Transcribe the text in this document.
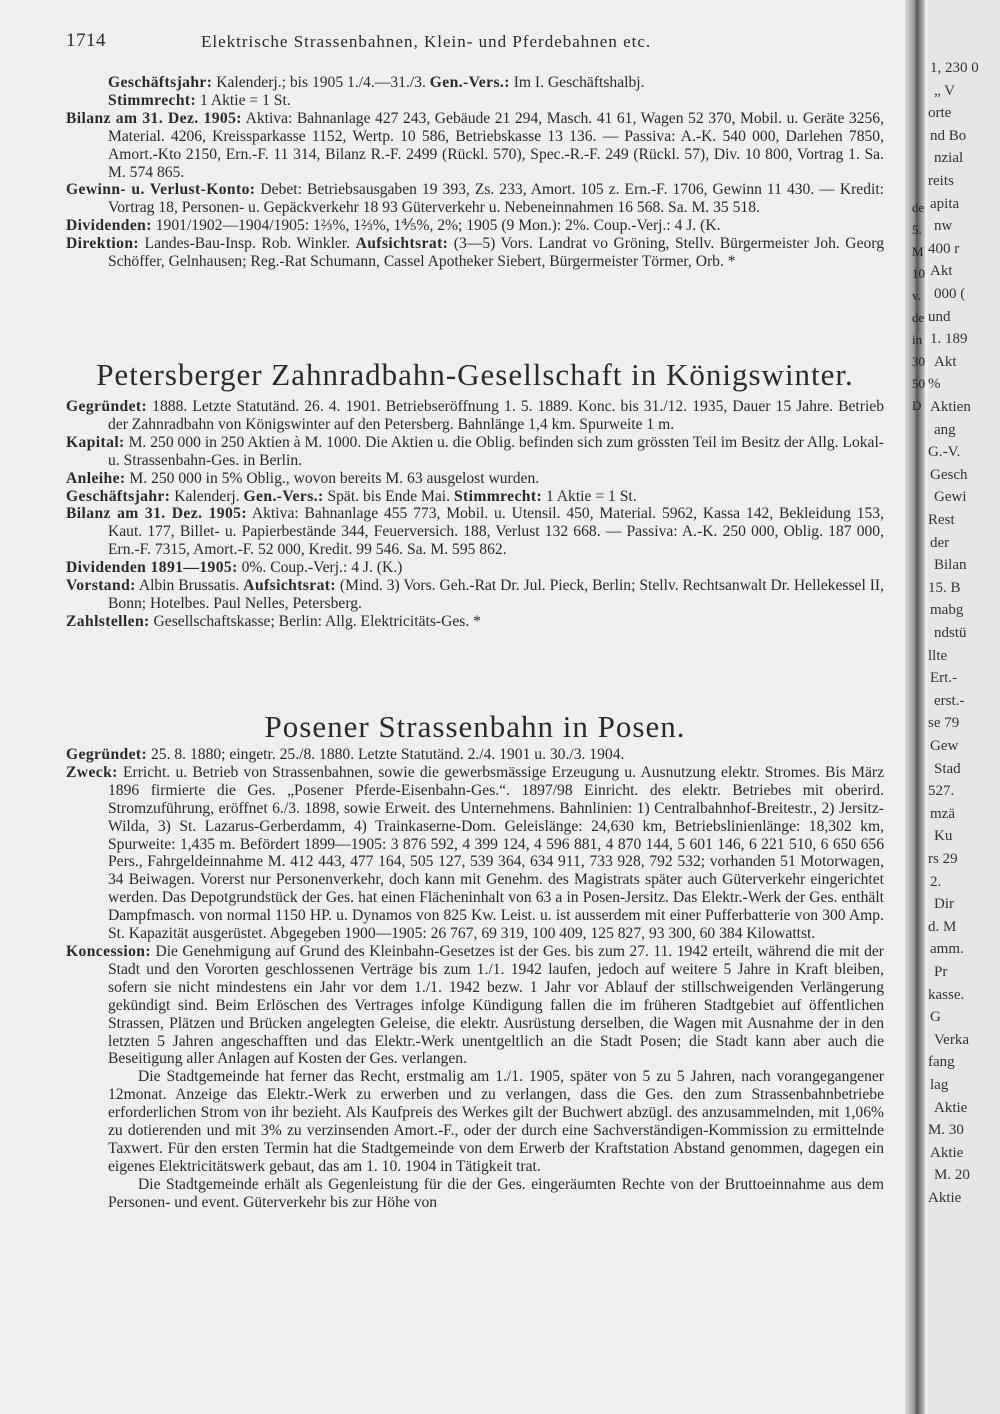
1714	Elektrische Strassenbahnen, Klein- und Pferdebahnen etc.

Geschäftsjahr: Kalenderj.; bis 1905 1./4.—31./3. Gen.-Vers.: Im I. Geschäftshalbj.

Stimmrecht: 1 Aktie = 1 St.

Bilanz am 31. Dez. 1905: Aktiva: Bahnanlage 427 243, Gebäude 21 294, Masch. 41 61, Wagen 52 370, Mobil. u. Geräte 3256, Material. 4206, Kreissparkasse 1152, Wertp. 10 586, Betriebskasse 13 136. — Passiva: A.-K. 540 000, Darlehen 7850, Amort.-Kto 2150, Ern.-F. 11 314, Bilanz R.-F. 2499 (Rückl. 570), Spec.-R.-F. 249 (Rückl. 57), Div. 10 800, Vortrag 1. Sa. M. 574 865.

Gewinn- u. Verlust-Konto: Debet: Betriebsausgaben 19 393, Zs. 233, Amort. 105 z. Ern.-F. 1706, Gewinn 11 430. — Kredit: Vortrag 18, Personen- u. Gepäckverkehr 18 93 Güterverkehr u. Nebeneinnahmen 16 568. Sa. M. 35 518.

Dividenden: 1901/1902—1904/1905: 1⅔%, 1⅔%, 1⅘%, 2%; 1905 (9 Mon.): 2%. Coup.-Verj.: 4 J. (K.

Direktion: Landes-Bau-Insp. Rob. Winkler. Aufsichtsrat: (3—5) Vors. Landrat vo Gröning, Stellv. Bürgermeister Joh. Georg Schöffer, Gelnhausen; Reg.-Rat Schumann, Cassel Apotheker Siebert, Bürgermeister Törmer, Orb. *

Petersberger Zahnradbahn-Gesellschaft in Königswinter.

Gegründet: 1888. Letzte Statutänd. 26. 4. 1901. Betriebseröffnung 1. 5. 1889. Konc. bis 31./12. 1935, Dauer 15 Jahre. Betrieb der Zahnradbahn von Königswinter auf den Petersberg. Bahnlänge 1,4 km. Spurweite 1 m.

Kapital: M. 250 000 in 250 Aktien à M. 1000. Die Aktien u. die Oblig. befinden sich zum grössten Teil im Besitz der Allg. Lokal- u. Strassenbahn-Ges. in Berlin.

Anleihe: M. 250 000 in 5% Oblig., wovon bereits M. 63 ausgelost wurden.

Geschäftsjahr: Kalenderj. Gen.-Vers.: Spät. bis Ende Mai. Stimmrecht: 1 Aktie = 1 St.

Bilanz am 31. Dez. 1905: Aktiva: Bahnanlage 455 773, Mobil. u. Utensil. 450, Material. 5962, Kassa 142, Bekleidung 153, Kaut. 177, Billet- u. Papierbestände 344, Feuerversich. 188, Verlust 132 668. — Passiva: A.-K. 250 000, Oblig. 187 000, Ern.-F. 7315, Amort.-F. 52 000, Kredit. 99 546. Sa. M. 595 862.

Dividenden 1891—1905: 0%. Coup.-Verj.: 4 J. (K.)

Vorstand: Albin Brussatis. Aufsichtsrat: (Mind. 3) Vors. Geh.-Rat Dr. Jul. Pieck, Berlin; Stellv. Rechtsanwalt Dr. Hellekessel II, Bonn; Hotelbes. Paul Nelles, Petersberg.

Zahlstellen: Gesellschaftskasse; Berlin: Allg. Elektricitäts-Ges. *

Posener Strassenbahn in Posen.

Gegründet: 25. 8. 1880; eingetr. 25./8. 1880. Letzte Statutänd. 2./4. 1901 u. 30./3. 1904.

Zweck: Erricht. u. Betrieb von Strassenbahnen, sowie die gewerbsmässige Erzeugung u. Ausnutzung elektr. Stromes. Bis März 1896 firmierte die Ges. „Posener Pferde-Eisenbahn-Ges.“. 1897/98 Einricht. des elektr. Betriebes mit oberird. Stromzuführung, eröffnet 6./3. 1898, sowie Erweit. des Unternehmens. Bahnlinien: 1) Centralbahnhof-Breitestr., 2) Jersitz-Wilda, 3) St. Lazarus-Gerberdamm, 4) Trainkaserne-Dom. Geleislänge: 24,630 km, Betriebslinienlänge: 18,302 km, Spurweite: 1,435 m. Befördert 1899—1905: 3 876 592, 4 399 124, 4 596 881, 4 870 144, 5 601 146, 6 221 510, 6 650 656 Pers., Fahrgeldeinnahme M. 412 443, 477 164, 505 127, 539 364, 634 911, 733 928, 792 532; vorhanden 51 Motorwagen, 34 Beiwagen. Vorerst nur Personenverkehr, doch kann mit Genehm. des Magistrats später auch Güterverkehr eingerichtet werden. Das Depotgrundstück der Ges. hat einen Flächeninhalt von 63 a in Posen-Jersitz. Das Elektr.-Werk der Ges. enthält Dampfmasch. von normal 1150 HP. u. Dynamos von 825 Kw. Leist. u. ist ausserdem mit einer Pufferbatterie von 300 Amp. St. Kapazität ausgerüstet. Abgegeben 1900—1905: 26 767, 69 319, 100 409, 125 827, 93 300, 60 384 Kilowattst.

Koncession: Die Genehmigung auf Grund des Kleinbahn-Gesetzes ist der Ges. bis zum 27. 11. 1942 erteilt, während die mit der Stadt und den Vororten geschlossenen Verträge bis zum 1./1. 1942 laufen, jedoch auf weitere 5 Jahre in Kraft bleiben, sofern sie nicht mindestens ein Jahr vor dem 1./1. 1942 bezw. 1 Jahr vor Ablauf der stillschweigenden Verlängerung gekündigt sind. Beim Erlöschen des Vertrages infolge Kündigung fallen die im früheren Stadtgebiet auf öffentlichen Strassen, Plätzen und Brücken angelegten Geleise, die elektr. Ausrüstung derselben, die Wagen mit Ausnahme der in den letzten 5 Jahren angeschafften und das Elektr.-Werk unentgeltlich an die Stadt Posen; die Stadt kann aber auch die Beseitigung aller Anlagen auf Kosten der Ges. verlangen.

Die Stadtgemeinde hat ferner das Recht, erstmalig am 1./1. 1905, später von 5 zu 5 Jahren, nach vorangegangener 12monat. Anzeige das Elektr.-Werk zu erwerben und zu verlangen, dass die Ges. den zum Strassenbahnbetriebe erforderlichen Strom von ihr bezieht. Als Kaufpreis des Werkes gilt der Buchwert abzügl. des anzusammelnden, mit 1,06% zu dotierenden und mit 3% zu verzinsenden Amort.-F., oder der durch eine Sachverständigen-Kommission zu ermittelnde Taxwert. Für den ersten Termin hat die Stadtgemeinde von dem Erwerb der Kraftstation Abstand genommen, dagegen ein eigenes Elektricitätswerk gebaut, das am 1. 10. 1904 in Tätigkeit trat.

Die Stadtgemeinde erhält als Gegenleistung für die der Ges. eingeräumten Rechte von der Bruttoeinnahme aus dem Personen- und event. Güterverkehr bis zur Höhe von

1, 230 0
„ V
orte
nd Bo
nzial
reits
apita
nw
400 r
Akt
000 (
und
1. 189
Akt
%
Aktien
ang
G.-V.
Gesch
Gewi
Rest
der
Bilan
15. B
mabg
ndstü
llte
Ert.-
erst.-
se 79
Gew
Stad
527.
mzä
Ku
rs 29
2.
Dir
d. M
amm.
Pr
kasse.
G
Verka
fang
lag
Aktie
M. 30
Aktie
M. 20
Aktie
de
5.
M
10
v.
de
in
30
50
D
